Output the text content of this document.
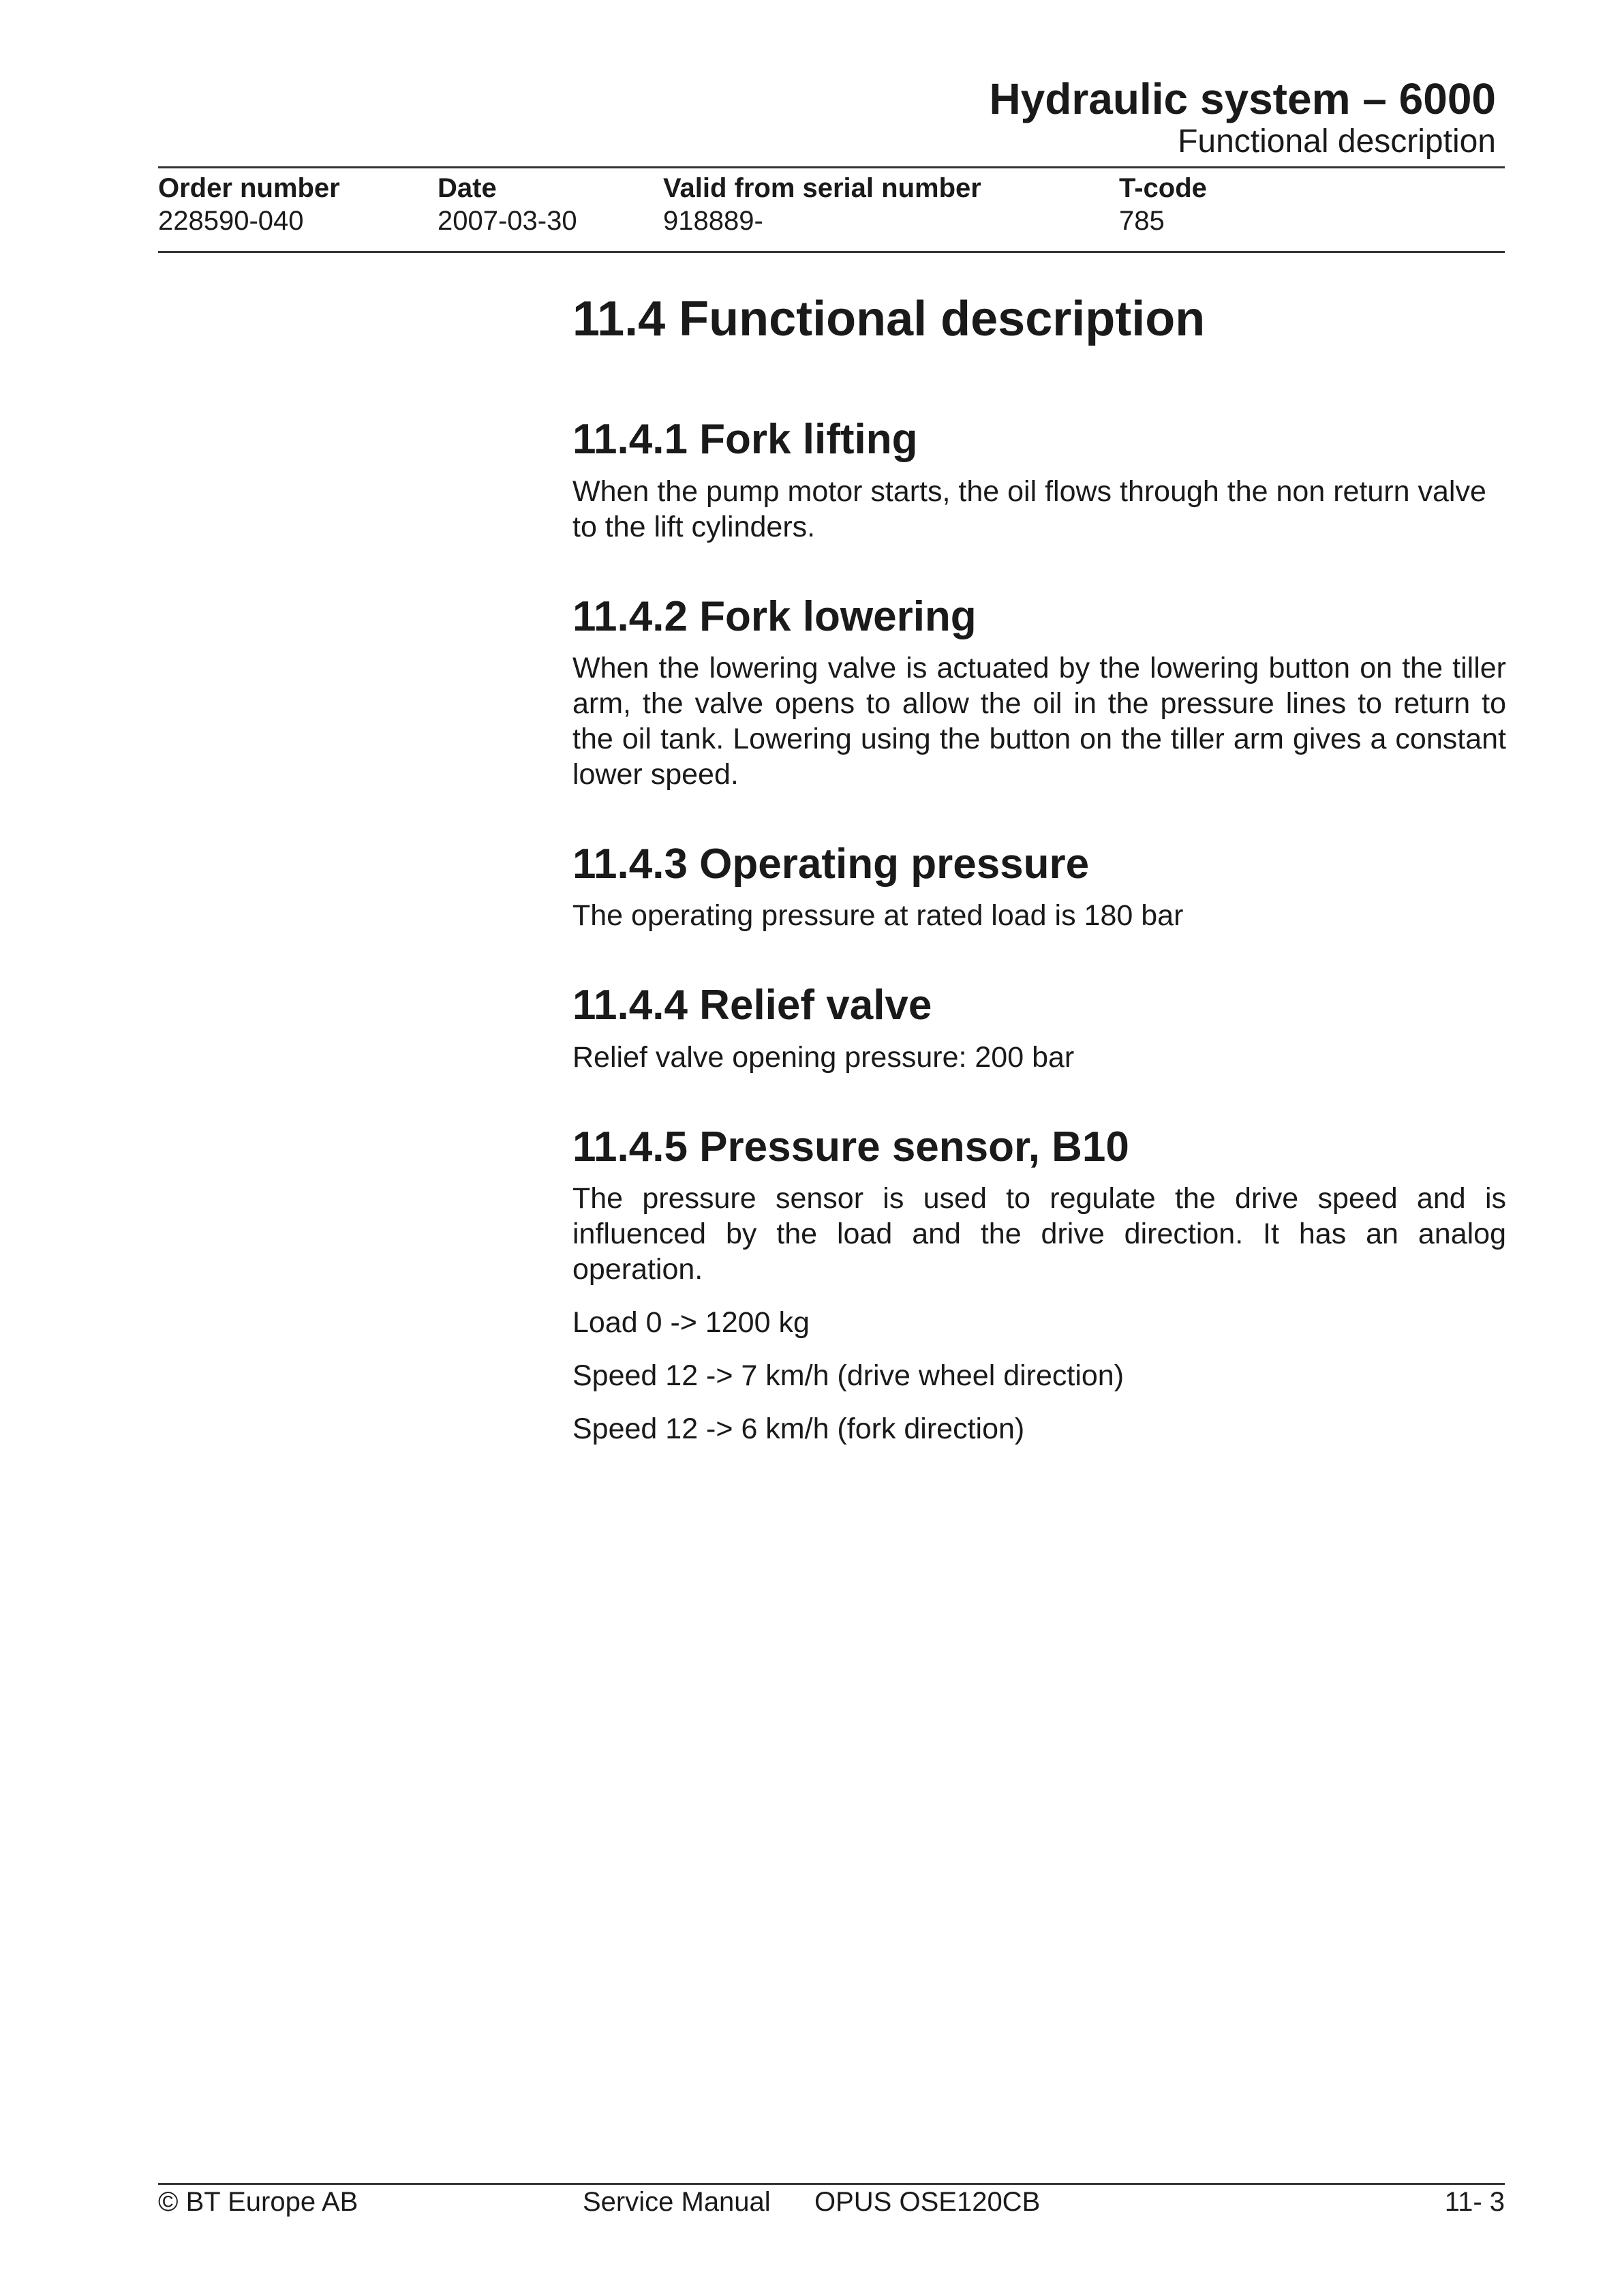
Hydraulic system – 6000
Functional description
Order number	Date	Valid from serial number	T-code
228590-040	2007-03-30	918889-	785
11.4 Functional description
11.4.1 Fork lifting

When the pump motor starts, the oil flows through the non return valve to the lift cylinders.

11.4.2 Fork lowering

When the lowering valve is actuated by the lowering button on the tiller arm, the valve opens to allow the oil in the pressure lines to return to the oil tank. Lowering using the button on the tiller arm gives a constant lower speed.

11.4.3 Operating pressure

The operating pressure at rated load is 180 bar

11.4.4 Relief valve

Relief valve opening pressure: 200 bar

11.4.5 Pressure sensor, B10

The pressure sensor is used to regulate the drive speed and is influenced by the load and the drive direction. It has an analog operation.

Load 0 -> 1200 kg

Speed 12 -> 7 km/h (drive wheel direction)

Speed 12 -> 6 km/h (fork direction)

© BT Europe AB	Service Manual OPUS OSE120CB	11- 3
